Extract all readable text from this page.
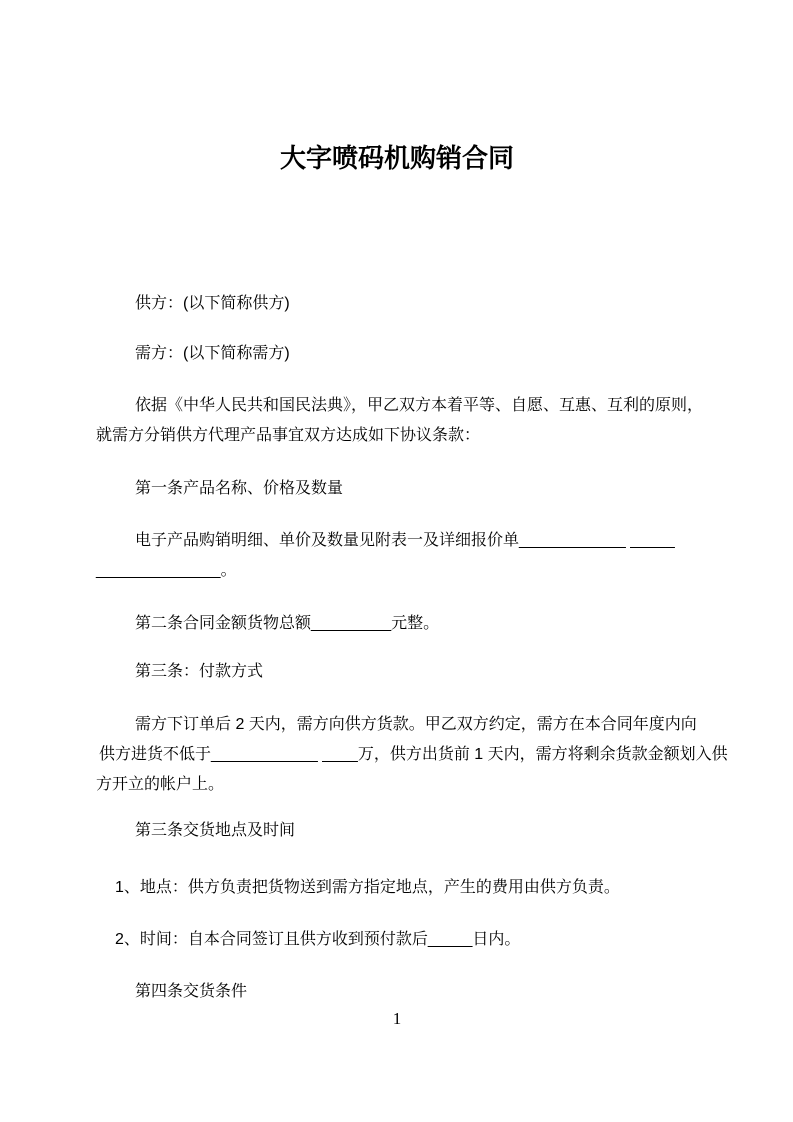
大字喷码机购销合同
供方：(以下简称供方)
需方：(以下简称需方)
依据《中华人民共和国民法典》，甲乙双方本着平等、自愿、互惠、互利的原则，
就需方分销供方代理产品事宜双方达成如下协议条款：
第一条产品名称、价格及数量
电子产品购销明细、单价及数量见附表一及详细报价单____________ _____
______________。
第二条合同金额货物总额_________元整。
第三条：付款方式
需方下订单后 2 天内，需方向供方货款。甲乙双方约定，需方在本合同年度内向
供方进货不低于____________ ____万，供方出货前 1 天内，需方将剩余货款金额划入供
方开立的帐户上。
第三条交货地点及时间
1、地点：供方负责把货物送到需方指定地点，产生的费用由供方负责。
2、时间：自本合同签订且供方收到预付款后_____日内。
第四条交货条件
1
